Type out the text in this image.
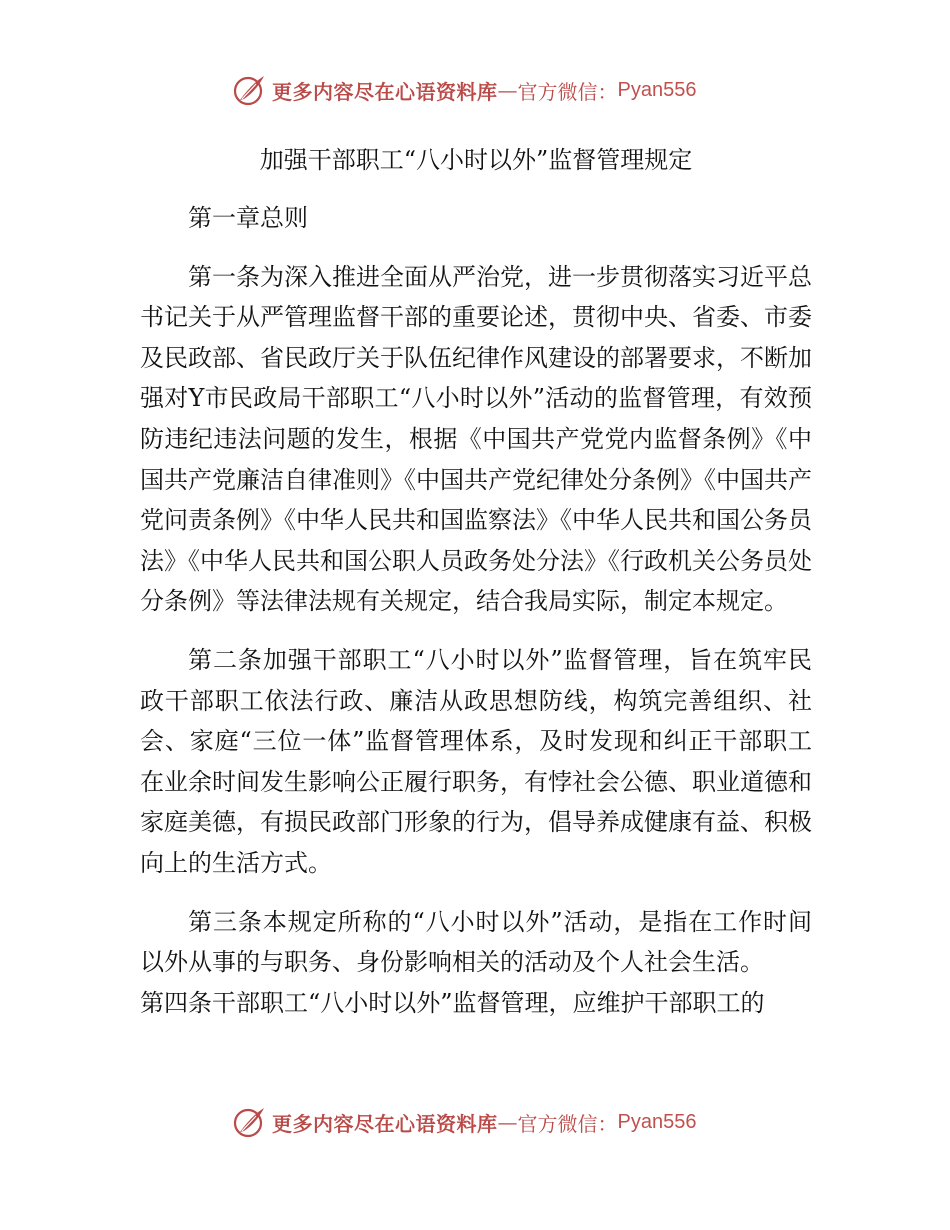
更多内容尽在心语资料库 — 官方微信： Pyan556
加强干部职工“八小时以外”监督管理规定
第一章总则

第一条为深入推进全面从严治党，进一步贯彻落实习近平总书记关于从严管理监督干部的重要论述，贯彻中央、省委、市委及民政部、省民政厅关于队伍纪律作风建设的部署要求，不断加强对Y市民政局干部职工“八小时以外”活动的监督管理，有效预防违纪违法问题的发生，根据《中国共产党党内监督条例》《中国共产党廉洁自律准则》《中国共产党纪律处分条例》《中国共产党问责条例》《中华人民共和国监察法》《中华人民共和国公务员法》《中华人民共和国公职人员政务处分法》《行政机关公务员处分条例》等法律法规有关规定，结合我局实际，制定本规定。

第二条加强干部职工“八小时以外”监督管理，旨在筑牢民政干部职工依法行政、廉洁从政思想防线，构筑完善组织、社会、家庭“三位一体”监督管理体系，及时发现和纠正干部职工在业余时间发生影响公正履行职务，有悖社会公德、职业道德和家庭美德，有损民政部门形象的行为，倡导养成健康有益、积极向上的生活方式。

第三条本规定所称的“八小时以外”活动，是指在工作时间以外从事的与职务、身份影响相关的活动及个人社会生活。

第四条干部职工“八小时以外”监督管理，应维护干部职工的

更多内容尽在心语资料库 — 官方微信： Pyan556
